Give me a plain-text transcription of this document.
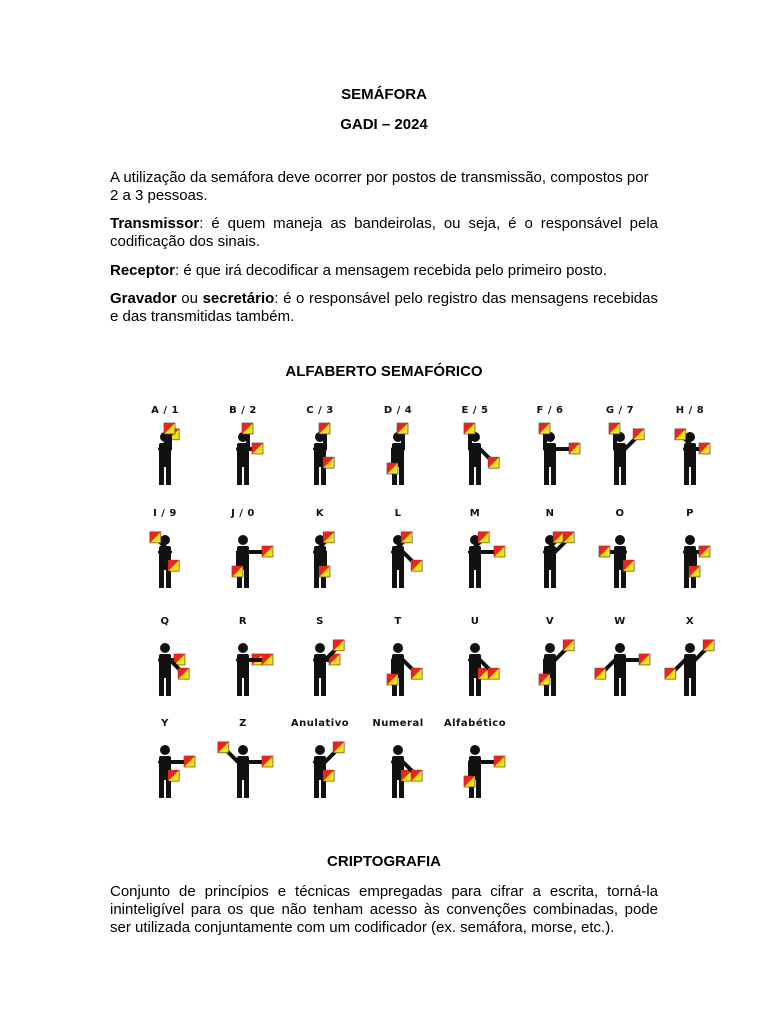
SEMÁFORA
GADI – 2024

A utilização da semáfora deve ocorrer por postos de transmissão, compostos por 2 a 3 pessoas.

Transmissor: é quem maneja as bandeirolas, ou seja, é o responsável pela codificação dos sinais.

Receptor: é que irá decodificar a mensagem recebida pelo primeiro posto.

Gravador ou secretário: é o responsável pelo registro das mensagens recebidas e das transmitidas também.

ALFABERTO SEMAFÓRICO
A / 1	B / 2	C / 3	D / 4	E / 5	F / 6	G / 7	H / 8
I / 9	J / 0	K	L	M	N	O	P
Q	R	S	T	U	V	W	X
Y	Z	Anulativo	Numeral	Alfabético
CRIPTOGRAFIA

Conjunto de princípios e técnicas empregadas para cifrar a escrita, torná-la ininteligível para os que não tenham acesso às convenções combinadas, pode ser utilizada conjuntamente com um codificador (ex. semáfora, morse, etc.).
